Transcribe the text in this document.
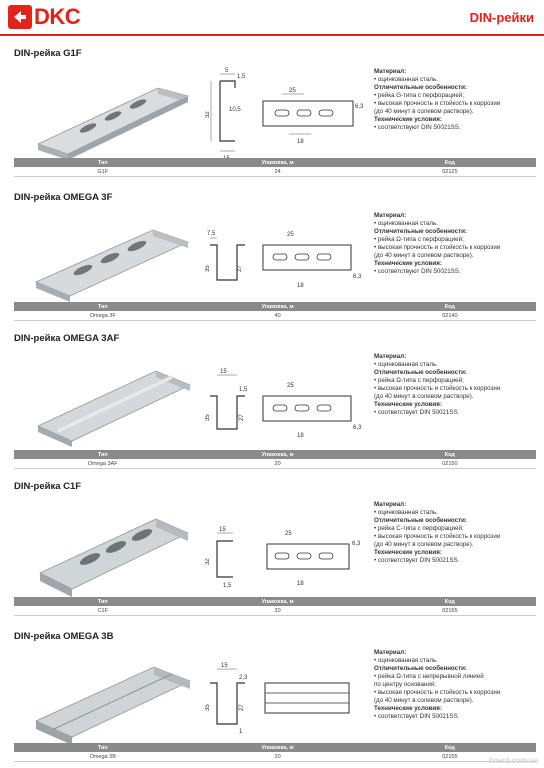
DKC	DIN-рейки
DIN-рейка G1F
5
1,5
10,5
32
25
6,3
18
Материал:
• оцинкованная сталь.
Отличительные особенности:
• рейка G-типа с перфорацией;
• высокая прочность и стойкость к коррозии
(до 40 минут в солевом растворе).
Технические условия:
• соответствуют DIN 50021SS.
Тип	Упаковка, м	Код
G1F	24	02125
DIN-рейка OMEGA 3F
7,5
35	27
25
6,3
18
Материал:
• оцинкованная сталь.
Отличительные особенности:
• рейка Ω-типа с перфорацией;
• высокая прочность и стойкость к коррозии
(до 40 минут в солевом растворе).
Технические условия:
• соответствуют DIN 50021SS.
Тип	Упаковка, м	Код
Omega 3F	40	02140
DIN-рейка OMEGA 3AF
15
1,5
35	27
25
6,3
18
Материал:
• оцинкованная сталь.
Отличительные особенности:
• рейка Ω-типа с перфорацией;
• высокая прочность и стойкость к коррозии
(до 40 минут в солевом растворе).
Технические условия:
• соответствует DIN 50021SS.
Тип	Упаковка, м	Код
Omega 3AF	20	02150
DIN-рейка C1F
15
1,5
32
25
6,3
18
Материал:
• оцинкованная сталь.
Отличительные особенности:
• рейка С-типа с перфорацией;
• высокая прочность и стойкость к коррозии
(до 40 минут в солевом растворе).
Технические условия:
• соответствует DIN 50021SS.
Тип	Упаковка, м	Код
C1F	20	02165
DIN-рейка OMEGA 3B
15
2,3
35	27
1
Материал:
• оцинкованная сталь.
Отличительные особенности:
• рейка Ω-типа с непрерывной линией
по центру основания;
• высокая прочность и стойкость к коррозии
(до 40 минут в солевом растворе).
Технические условия:
• соответствует DIN 50021SS.
Тип	Упаковка, м	Код
Omega 3B	20	02155	board.com.ua
